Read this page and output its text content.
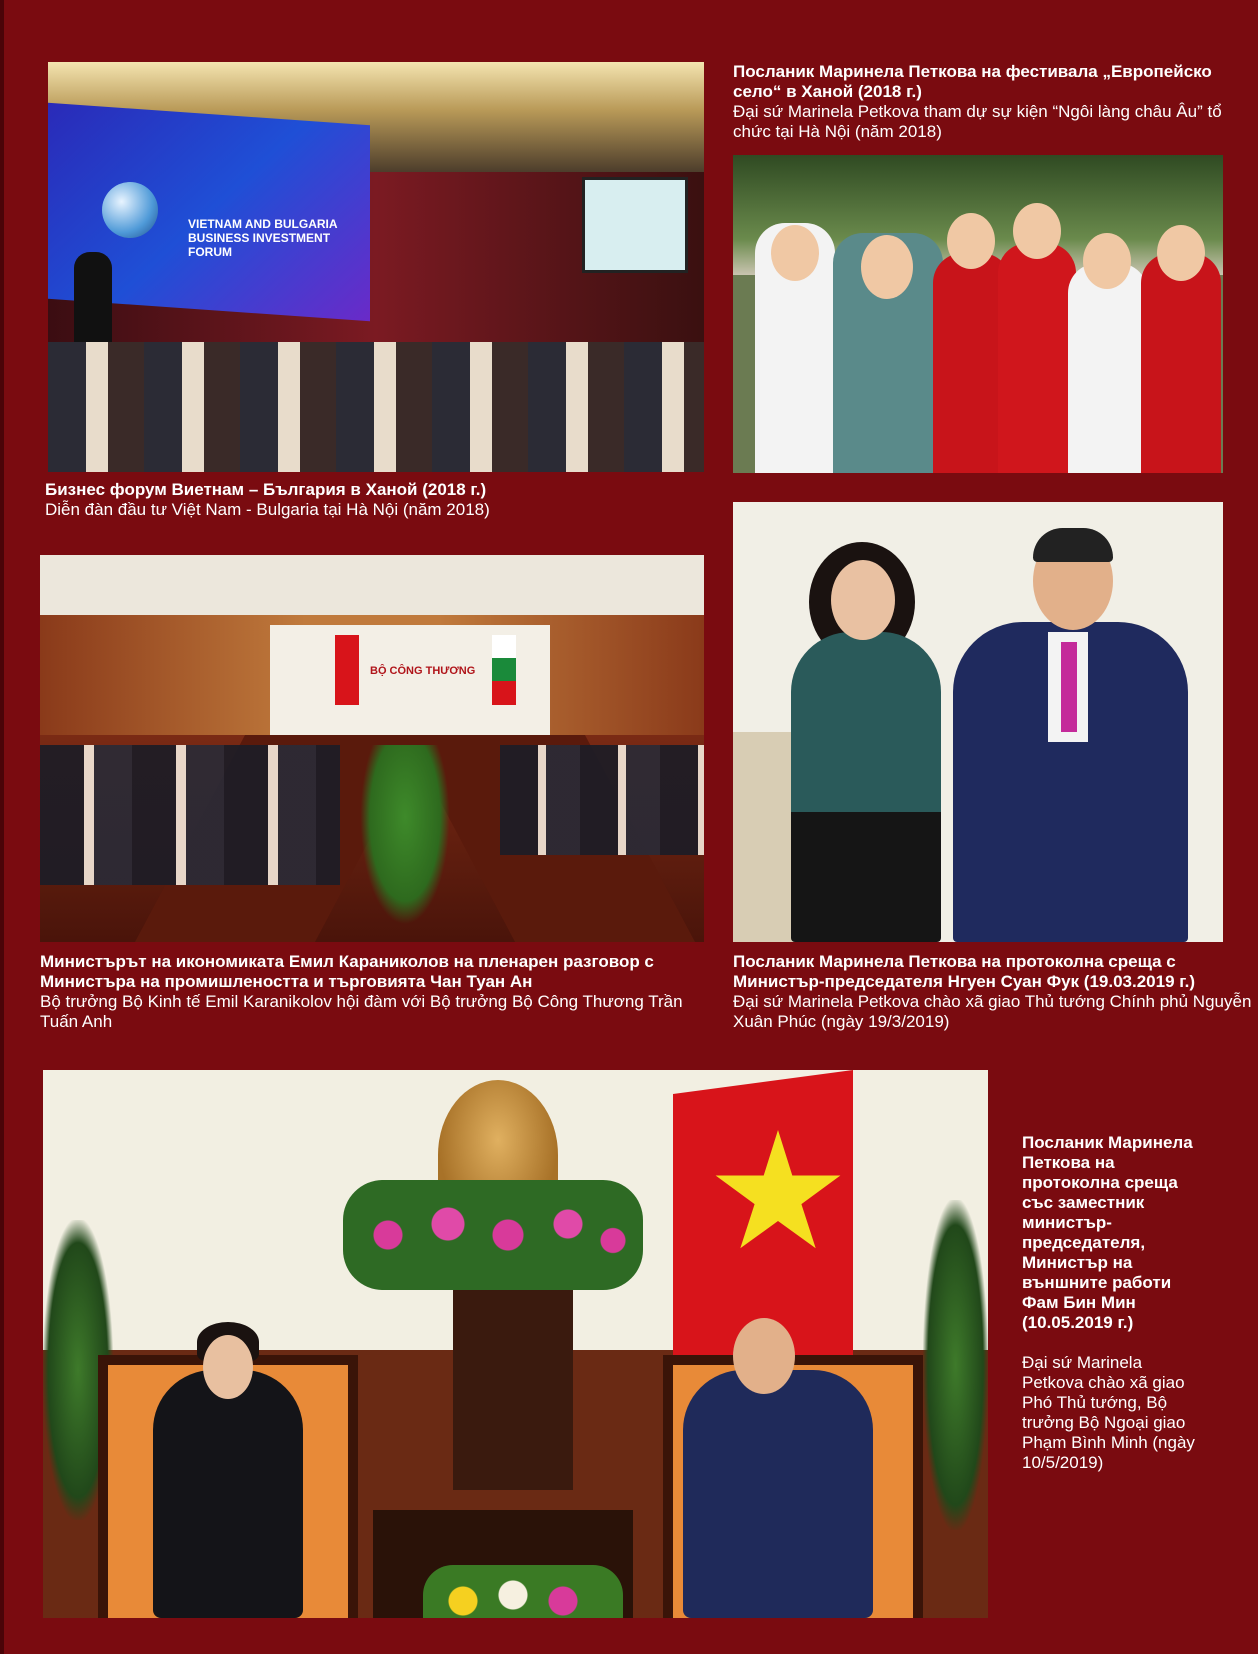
VIETNAM AND BULGARIA BUSINESS INVESTMENT FORUM
BỘ CÔNG THƯƠNG
Бизнес форум Виетнам – България в Ханой (2018 г.)
Diễn đàn đầu tư Việt Nam - Bulgaria tại Hà Nội (năm 2018)
Посланик Маринела Петкова на фестивала „Европейско село“ в Ханой (2018 г.)
Đại sứ Marinela Petkova tham dự sự kiện “Ngôi làng châu Âu” tổ chức tại Hà Nội (năm 2018)
Министърът на икономиката Емил Караниколов на пленарен разговор с Министъра на промишлеността и търговията Чан Туан Ан
Bộ trưởng Bộ Kinh tế Emil Karanikolov hội đàm với Bộ trưởng Bộ Công Thương Trần Tuấn Anh
Посланик Маринела Петкова на протоколна среща с Министър-председателя Нгуен Суан Фук (19.03.2019 г.)
Đại sứ Marinela Petkova chào xã giao Thủ tướng Chính phủ Nguyễn Xuân Phúc (ngày 19/3/2019)
Посланик Маринела Петкова на протоколна среща със заместник министър-председателя, Министър на външните работи Фам Бин Мин (10.05.2019 г.)
Đại sứ Marinela Petkova chào xã giao Phó Thủ tướng, Bộ trưởng Bộ Ngoại giao Phạm Bình Minh (ngày 10/5/2019)
